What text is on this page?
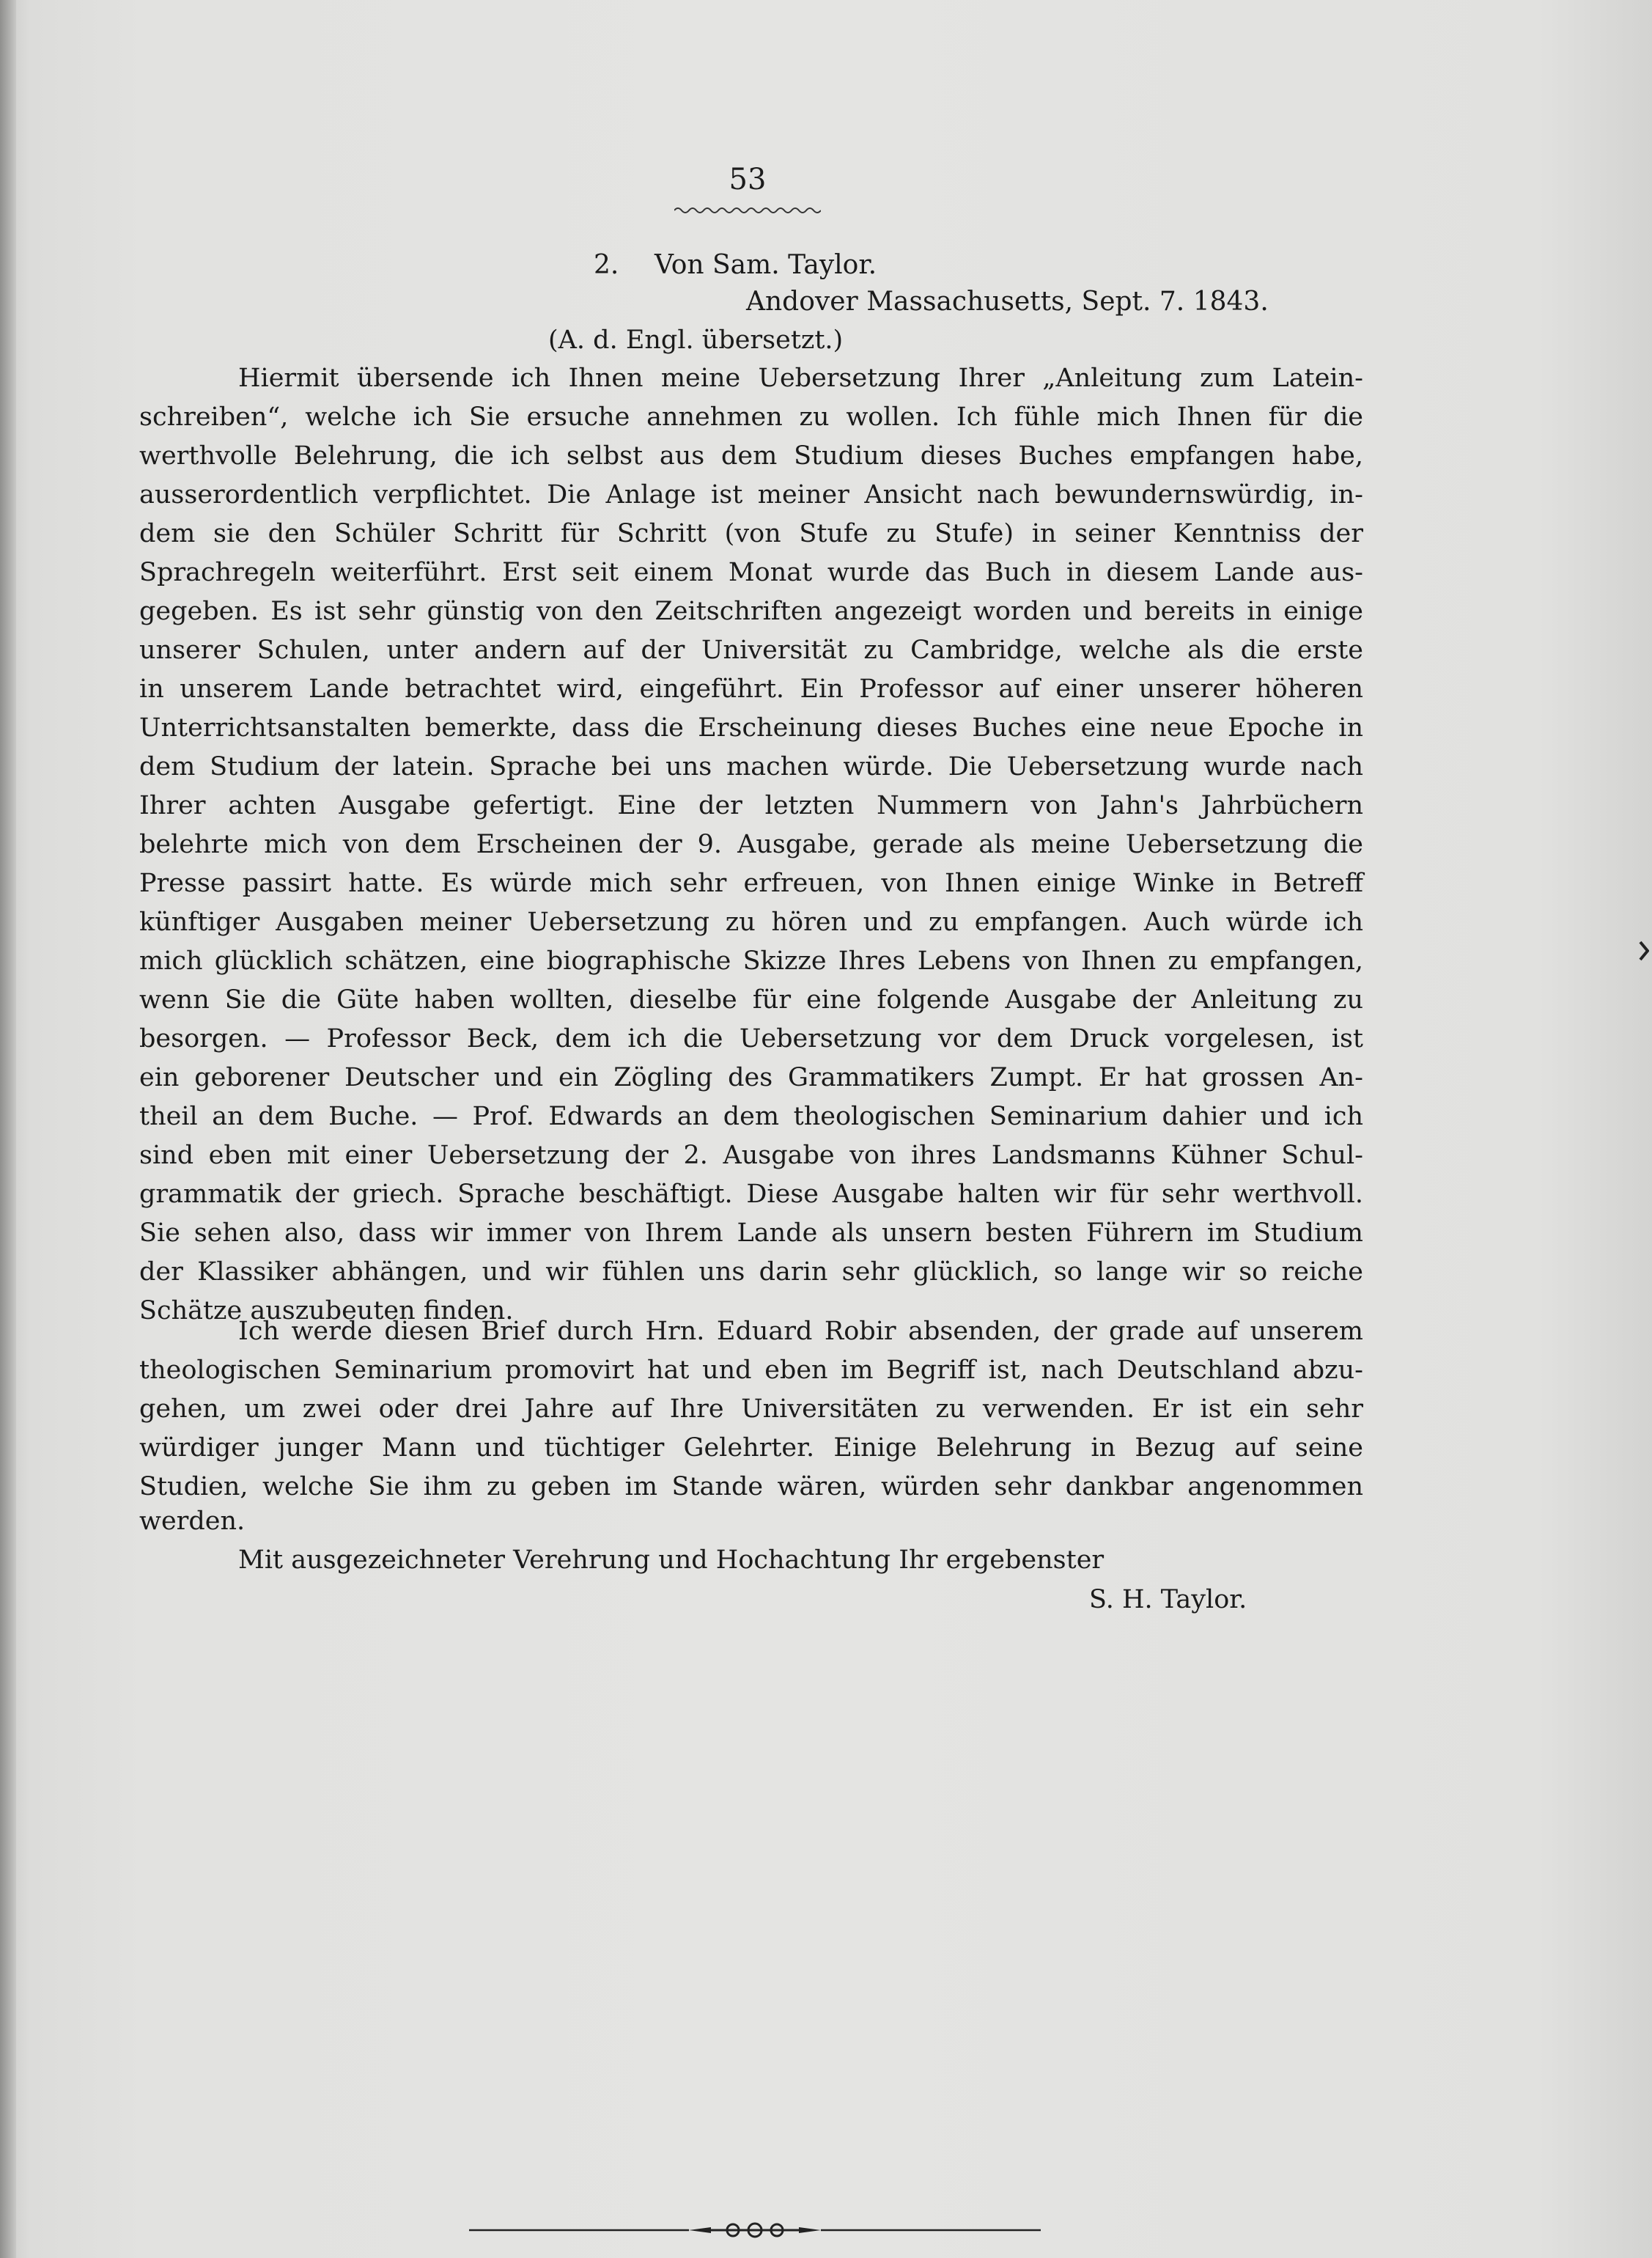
53
2. Von Sam. Taylor.
Andover Massachusetts, Sept. 7. 1843.
(A. d. Engl. übersetzt.)
Hiermit übersende ich Ihnen meine Uebersetzung Ihrer „Anleitung zum Latein-
schreiben“, welche ich Sie ersuche annehmen zu wollen. Ich fühle mich Ihnen für die
werthvolle Belehrung, die ich selbst aus dem Studium dieses Buches empfangen habe,
ausserordentlich verpflichtet. Die Anlage ist meiner Ansicht nach bewundernswürdig, in-
dem sie den Schüler Schritt für Schritt (von Stufe zu Stufe) in seiner Kenntniss der
Sprachregeln weiterführt. Erst seit einem Monat wurde das Buch in diesem Lande aus-
gegeben. Es ist sehr günstig von den Zeitschriften angezeigt worden und bereits in einige
unserer Schulen, unter andern auf der Universität zu Cambridge, welche als die erste
in unserem Lande betrachtet wird, eingeführt. Ein Professor auf einer unserer höheren
Unterrichtsanstalten bemerkte, dass die Erscheinung dieses Buches eine neue Epoche in
dem Studium der latein. Sprache bei uns machen würde. Die Uebersetzung wurde nach
Ihrer achten Ausgabe gefertigt. Eine der letzten Nummern von Jahn's Jahrbüchern
belehrte mich von dem Erscheinen der 9. Ausgabe, gerade als meine Uebersetzung die
Presse passirt hatte. Es würde mich sehr erfreuen, von Ihnen einige Winke in Betreff
künftiger Ausgaben meiner Uebersetzung zu hören und zu empfangen. Auch würde ich
mich glücklich schätzen, eine biographische Skizze Ihres Lebens von Ihnen zu empfangen,
wenn Sie die Güte haben wollten, dieselbe für eine folgende Ausgabe der Anleitung zu
besorgen. — Professor Beck, dem ich die Uebersetzung vor dem Druck vorgelesen, ist
ein geborener Deutscher und ein Zögling des Grammatikers Zumpt. Er hat grossen An-
theil an dem Buche. — Prof. Edwards an dem theologischen Seminarium dahier und ich
sind eben mit einer Uebersetzung der 2. Ausgabe von ihres Landsmanns Kühner Schul-
grammatik der griech. Sprache beschäftigt. Diese Ausgabe halten wir für sehr werthvoll.
Sie sehen also, dass wir immer von Ihrem Lande als unsern besten Führern im Studium
der Klassiker abhängen, und wir fühlen uns darin sehr glücklich, so lange wir so reiche
Schätze auszubeuten finden.
Ich werde diesen Brief durch Hrn. Eduard Robir absenden, der grade auf unserem
theologischen Seminarium promovirt hat und eben im Begriff ist, nach Deutschland abzu-
gehen, um zwei oder drei Jahre auf Ihre Universitäten zu verwenden. Er ist ein sehr
würdiger junger Mann und tüchtiger Gelehrter. Einige Belehrung in Bezug auf seine
Studien, welche Sie ihm zu geben im Stande wären, würden sehr dankbar angenommen
werden.
Mit ausgezeichneter Verehrung und Hochachtung Ihr ergebenster
S. H. Taylor.
